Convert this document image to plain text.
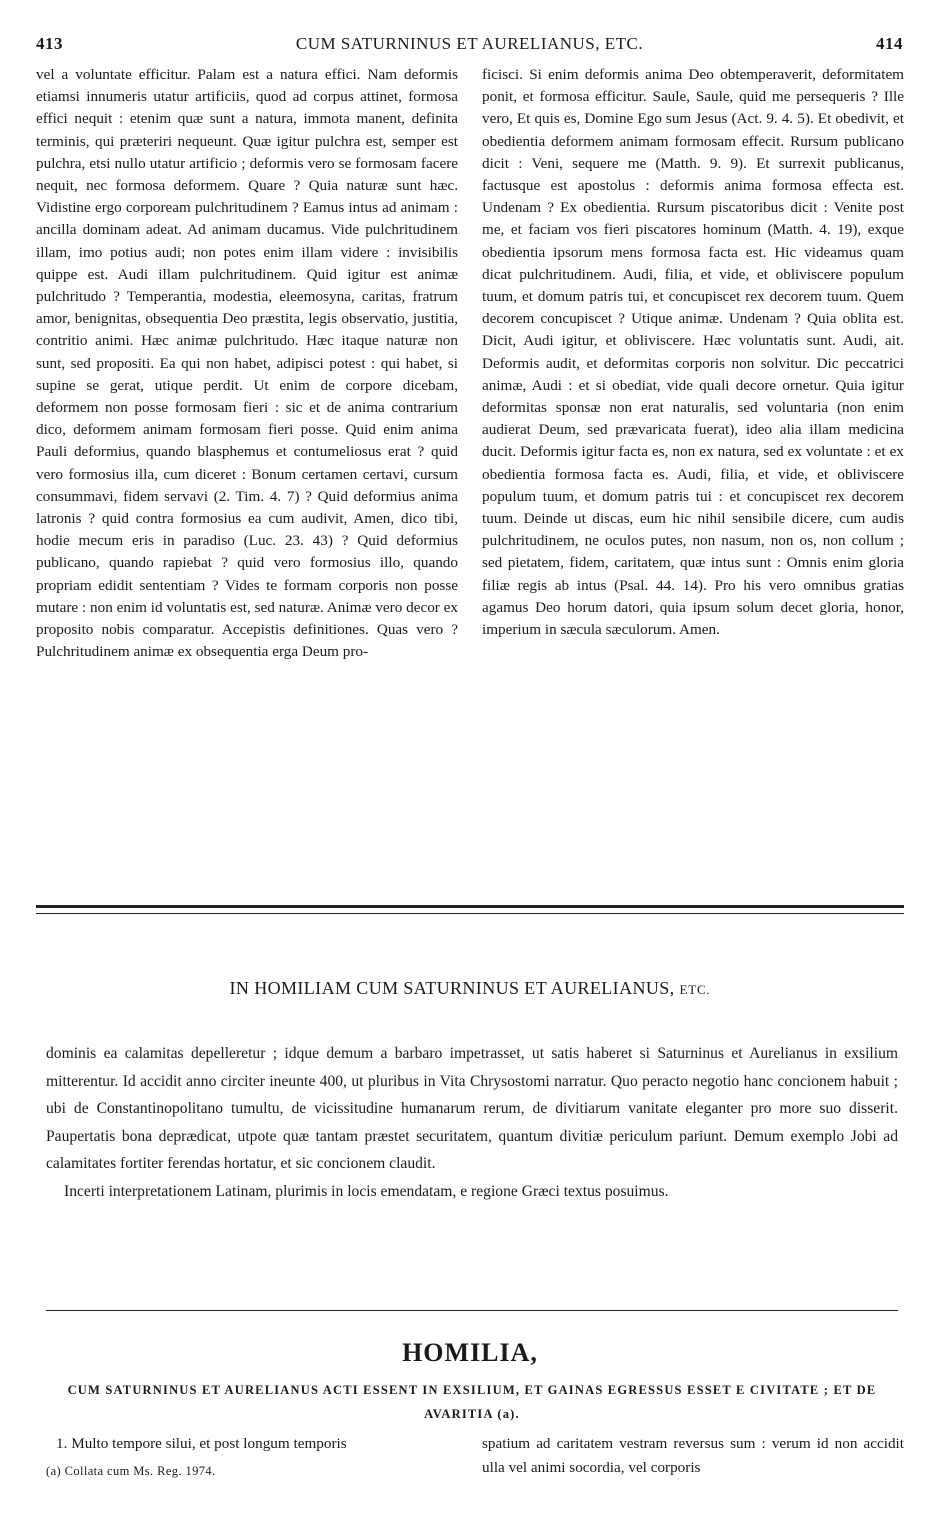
413	CUM SATURNINUS ET AURELIANUS, ETC.	414

vel a voluntate efficitur. Palam est a natura effici. Nam deformis etiamsi innumeris utatur artificiis, quod ad corpus attinet, formosa effici nequit : etenim quæ sunt a natura, immota manent, definita terminis, qui præteriri nequeunt. Quæ igitur pulchra est, semper est pulchra, etsi nullo utatur artificio ; deformis vero se formosam facere nequit, nec formosa deformem. Quare ? Quia naturæ sunt hæc. Vidistine ergo corpoream pulchritudinem ? Eamus intus ad animam : ancilla dominam adeat. Ad animam ducamus. Vide pulchritudinem illam, imo potius audi; non potes enim illam videre : invisibilis quippe est. Audi illam pulchritudinem. Quid igitur est animæ pulchritudo ? Temperantia, modestia, eleemosyna, caritas, fratrum amor, benignitas, obsequentia Deo præstita, legis observatio, justitia, contritio animi. Hæc animæ pulchritudo. Hæc itaque naturæ non sunt, sed propositi. Ea qui non habet, adipisci potest : qui habet, si supine se gerat, utique perdit. Ut enim de corpore dicebam, deformem non posse formosam fieri : sic et de anima contrarium dico, deformem animam formosam fieri posse. Quid enim anima Pauli deformius, quando blasphemus et contumeliosus erat ? quid vero formosius illa, cum diceret : Bonum certamen certavi, cursum consummavi, fidem servavi (2. Tim. 4. 7) ? Quid deformius anima latronis ? quid contra formosius ea cum audivit, Amen, dico tibi, hodie mecum eris in paradiso (Luc. 23. 43) ? Quid deformius publicano, quando rapiebat ? quid vero formosius illo, quando propriam edidit sententiam ? Vides te formam corporis non posse mutare : non enim id voluntatis est, sed naturæ. Animæ vero decor ex proposito nobis comparatur. Accepistis definitiones. Quas vero ? Pulchritudinem animæ ex obsequentia erga Deum pro-

ficisci. Si enim deformis anima Deo obtemperaverit, deformitatem ponit, et formosa efficitur. Saule, Saule, quid me persequeris ? Ille vero, Et quis es, Domine Ego sum Jesus (Act. 9. 4. 5). Et obedivit, et obedientia deformem animam formosam effecit. Rursum publicano dicit : Veni, sequere me (Matth. 9. 9). Et surrexit publicanus, factusque est apostolus : deformis anima formosa effecta est. Undenam ? Ex obedientia. Rursum piscatoribus dicit : Venite post me, et faciam vos fieri piscatores hominum (Matth. 4. 19), exque obedientia ipsorum mens formosa facta est. Hic videamus quam dicat pulchritudinem. Audi, filia, et vide, et obliviscere populum tuum, et domum patris tui, et concupiscet rex decorem tuum. Quem decorem concupiscet ? Utique animæ. Undenam ? Quia oblita est. Dicit, Audi igitur, et obliviscere. Hæc voluntatis sunt. Audi, ait. Deformis audit, et deformitas corporis non solvitur. Dic peccatrici animæ, Audi : et si obediat, vide quali decore ornetur. Quia igitur deformitas sponsæ non erat naturalis, sed voluntaria (non enim audierat Deum, sed prævaricata fuerat), ideo alia illam medicina ducit. Deformis igitur facta es, non ex natura, sed ex voluntate : et ex obedientia formosa facta es. Audi, filia, et vide, et obliviscere populum tuum, et domum patris tui : et concupiscet rex decorem tuum. Deinde ut discas, eum hic nihil sensibile dicere, cum audis pulchritudinem, ne oculos putes, non nasum, non os, non collum ; sed pietatem, fidem, caritatem, quæ intus sunt : Omnis enim gloria filiæ regis ab intus (Psal. 44. 14). Pro his vero omnibus gratias agamus Deo horum datori, quia ipsum solum decet gloria, honor, imperium in sæcula sæculorum. Amen.

IN HOMILIAM CUM SATURNINUS ET AURELIANUS, ETC.

dominis ea calamitas depelleretur ; idque demum a barbaro impetrasset, ut satis haberet si Saturninus et Aurelianus in exsilium mitterentur. Id accidit anno circiter ineunte 400, ut pluribus in Vita Chrysostomi narratur. Quo peracto negotio hanc concionem habuit ; ubi de Constantinopolitano tumultu, de vicissitudine humanarum rerum, de divitiarum vanitate eleganter pro more suo disserit. Paupertatis bona deprædicat, utpote quæ tantam præstet securitatem, quantum divitiæ periculum pariunt. Demum exemplo Jobi ad calamitates fortiter ferendas hortatur, et sic concionem claudit.

Incerti interpretationem Latinam, plurimis in locis emendatam, e regione Græci textus posuimus.

HOMILIA,
CUM SATURNINUS ET AURELIANUS ACTI ESSENT IN EXSILIUM, ET GAINAS EGRESSUS ESSET E CIVITATE ; ET DE AVARITIA (a).

1. Multo tempore silui, et post longum temporis	spatium ad caritatem vestram reversus sum : verum id non accidit ulla vel animi socordia, vel corporis

(a) Collata cum Ms. Reg. 1974.
